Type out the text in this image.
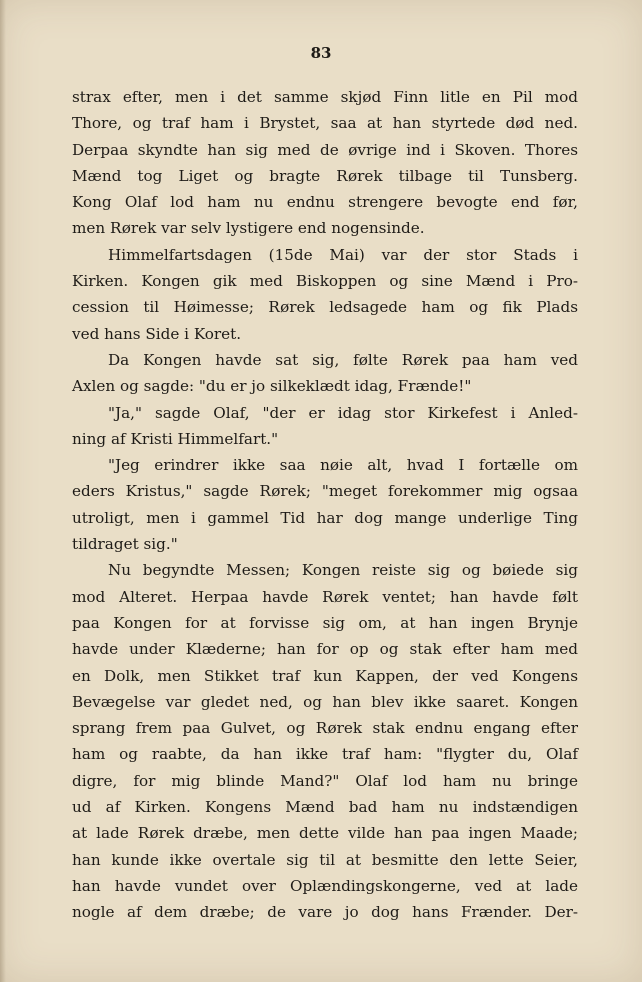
83
strax efter, men i det samme skjød Finn litle en Pil mod
Thore, og traf ham i Brystet, saa at han styrtede død ned.
Derpaa skyndte han sig med de øvrige ind i Skoven. Thores
Mænd tog Liget og bragte Rørek tilbage til Tunsberg.
Kong Olaf lod ham nu endnu strengere bevogte end før,
men Rørek var selv lystigere end nogensinde.
Himmelfartsdagen (15de Mai) var der stor Stads i
Kirken. Kongen gik med Biskoppen og sine Mænd i Pro-
cession til Høimesse; Rørek ledsagede ham og fik Plads
ved hans Side i Koret.
Da Kongen havde sat sig, følte Rørek paa ham ved
Axlen og sagde: "du er jo silkeklædt idag, Frænde!"
"Ja," sagde Olaf, "der er idag stor Kirkefest i Anled-
ning af Kristi Himmelfart."
"Jeg erindrer ikke saa nøie alt, hvad I fortælle om
eders Kristus," sagde Rørek; "meget forekommer mig ogsaa
utroligt, men i gammel Tid har dog mange underlige Ting
tildraget sig."
Nu begyndte Messen; Kongen reiste sig og bøiede sig
mod Alteret. Herpaa havde Rørek ventet; han havde følt
paa Kongen for at forvisse sig om, at han ingen Brynje
havde under Klæderne; han for op og stak efter ham med
en Dolk, men Stikket traf kun Kappen, der ved Kongens
Bevægelse var gledet ned, og han blev ikke saaret. Kongen
sprang frem paa Gulvet, og Rørek stak endnu engang efter
ham og raabte, da han ikke traf ham: "flygter du, Olaf
digre, for mig blinde Mand?" Olaf lod ham nu bringe
ud af Kirken. Kongens Mænd bad ham nu indstændigen
at lade Rørek dræbe, men dette vilde han paa ingen Maade;
han kunde ikke overtale sig til at besmitte den lette Seier,
han havde vundet over Oplændingskongerne, ved at lade
nogle af dem dræbe; de vare jo dog hans Frænder. Der-
